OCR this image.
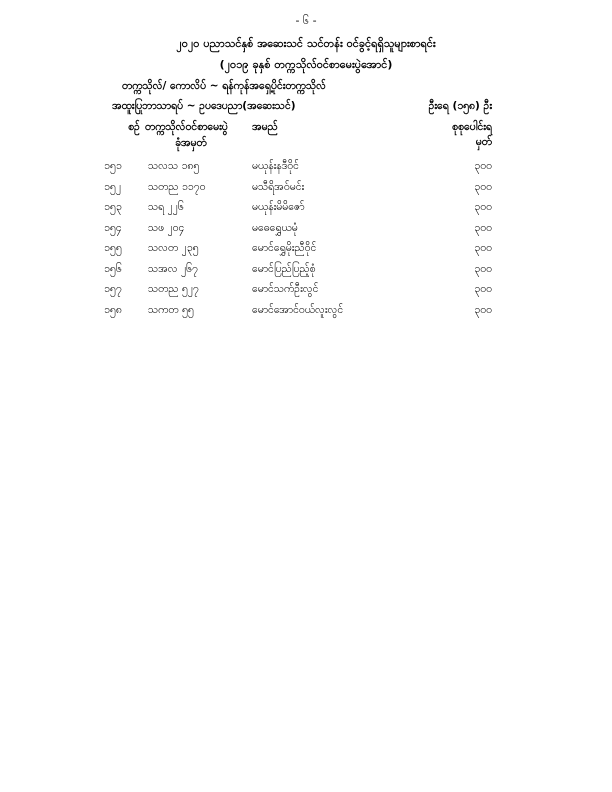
- ၆ -
၂၀၂၀ ပညာသင်နှစ် အဆေးသင် သင်တန်း ဝင်ခွင့်ရရှိသူများစာရင်း
(၂၀၁၉ ခုနှစ် တက္ကသိုလ်ဝင်စာမေးပွဲအောင်)
တက္ကသိုလ်/ ကောလိပ် ~ ရန်ကုန်အရှေ့ပိုင်းတက္ကသိုလ်
အထူးပြုဘာသာရပ် ~ ဥပဒေပညာ(အဆေးသင်)	ဦးရေ (၁၅၈) ဦး
စဉ် တက္ကသိုလ်ဝင်စာမေးပွဲ
ခုံအမှတ်
အမည်	စုစုပေါင်းရမှတ်
၁၅၁	သလသ ၁၈၅	မယုန်းနဒီဝိုင်	၃၀၀
၁၅၂	သတည ၁၁၇၀	မသီရိအဝ်မင်း	၃၀၀
၁၅၃	သရ ၂၂၆	မယုန်းမိမိဇော်	၃၀၀
၁၅၄	သဖ ၂၀၄	မဓေရွှေယမုံ	၃၀၀
၁၅၅	သလတ ၂၃၅	မောင်ရွှေမိုးညီဝိုင်	၃၀၀
၁၅၆	သအလ ၂၆၇	မောင်ပြည်ပြည့်စုံ	၃၀၀
၁၅၇	သတည ၅၂၇	မောင်သက်ဦးလွင်	၃၀၀
၁၅၈	သကတ ၅၅	မောင်အောင်ဝယ်လူးလွင်	၃၀၀
